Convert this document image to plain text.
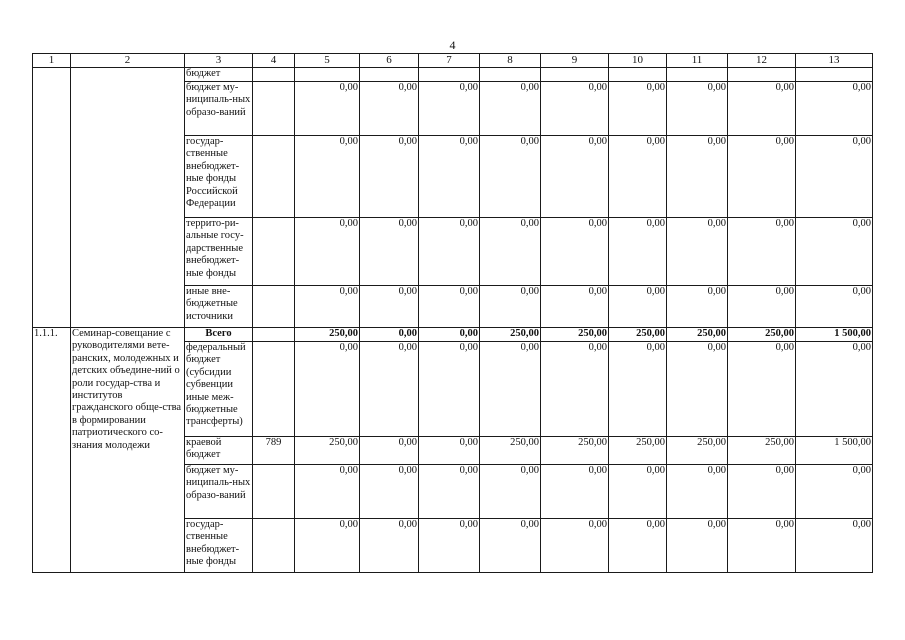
4
1	2	3	4	5	6	7	8	9	10	11	12	13
		бюджет										
		бюджет му-ниципаль-ных образо-ваний		0,00	0,00	0,00	0,00	0,00	0,00	0,00	0,00	0,00
		государ-ственные внебюджет-ные фонды Российской Федерации		0,00	0,00	0,00	0,00	0,00	0,00	0,00	0,00	0,00
		террито-ри-альные госу-дарственные внебюджет-ные фонды		0,00	0,00	0,00	0,00	0,00	0,00	0,00	0,00	0,00
		иные вне-бюджетные источники		0,00	0,00	0,00	0,00	0,00	0,00	0,00	0,00	0,00
1.1.1.	Семинар-совещание с руководителями вете-ранских, молодежных и детских объедине-ний о роли государ-ства и институтов гражданского обще-ства в формировании патриотического со-знания молодежи	Всего		250,00	0,00	0,00	250,00	250,00	250,00	250,00	250,00	1 500,00
		федеральный бюджет (субсидии субвенции иные меж-бюджетные трансферты)		0,00	0,00	0,00	0,00	0,00	0,00	0,00	0,00	0,00
		краевой бюджет	789	250,00	0,00	0,00	250,00	250,00	250,00	250,00	250,00	1 500,00
		бюджет му-ниципаль-ных образо-ваний		0,00	0,00	0,00	0,00	0,00	0,00	0,00	0,00	0,00
		государ-ственные внебюджет-ные фонды		0,00	0,00	0,00	0,00	0,00	0,00	0,00	0,00	0,00
